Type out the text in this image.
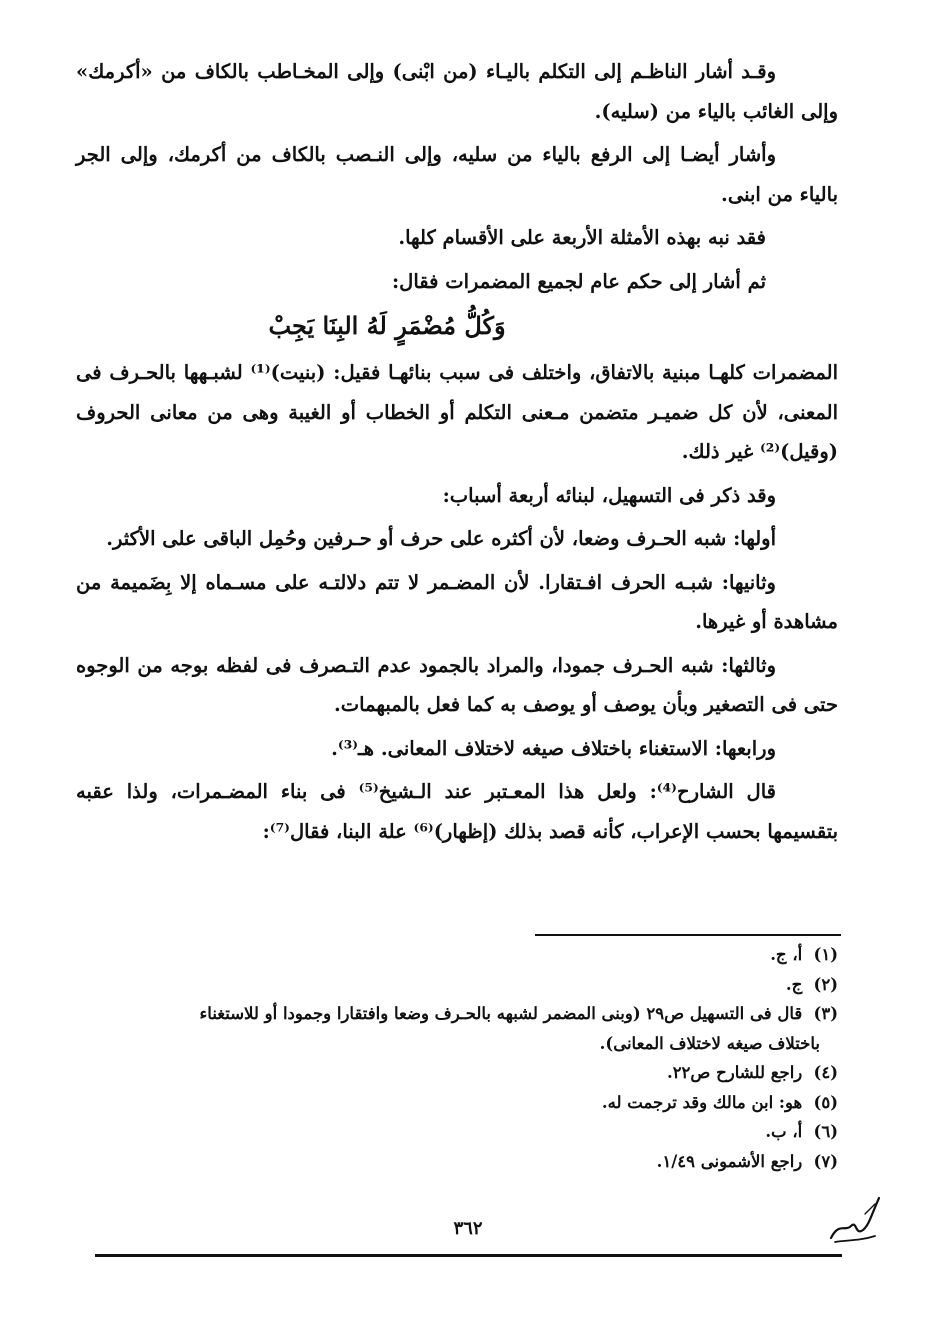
وقـد أشار الناظـم إلى التكلم باليـاء (من ابْنى) وإلى المخـاطب بالكاف من «أكرمك» وإلى الغائب بالياء من (سليه).

وأشار أيضـا إلى الرفع بالياء من سليه، وإلى النـصب بالكاف من أكرمك، وإلى الجر بالياء من ابنى.

فقد نبه بهذه الأمثلة الأربعة على الأقسام كلها.

ثم أشار إلى حكم عام لجميع المضمرات فقال:

وَكُلُّ مُضْمَرٍ لَهُ البِنَا يَجِبْ

المضمرات كلهـا مبنية بالاتفاق، واختلف فى سبب بنائهـا فقيل: (بنيت)⁽¹⁾ لشبـهها بالحـرف فى المعنى، لأن كل ضميـر متضمن مـعنى التكلم أو الخطاب أو الغيبة وهى من معانى الحروف (وقيل)⁽²⁾ غير ذلك.

وقد ذكر فى التسهيل، لبنائه أربعة أسباب:

أولها: شبه الحـرف وضعا، لأن أكثره على حرف أو حـرفين وحُمِل الباقى على الأكثر.

وثانيها: شبـه الحرف افـتقارا. لأن المضـمر لا تتم دلالتـه على مسـماه إلا بِضَميمة من مشاهدة أو غيرها.

وثالثها: شبه الحـرف جمودا، والمراد بالجمود عدم التـصرف فى لفظه بوجه من الوجوه حتى فى التصغير وبأن يوصف أو يوصف به كما فعل بالمبهمات.

ورابعها: الاستغناء باختلاف صيغه لاختلاف المعانى. هـ⁽³⁾.

قال الشارح⁽⁴⁾: ولعل هذا المعـتبر عند الـشيخ⁽⁵⁾ فى بناء المضـمرات، ولذا عقبه بتقسيمها بحسب الإعراب، كأنه قصد بذلك (إظهار)⁽⁶⁾ علة البنا، فقال⁽⁷⁾:

(١) أ، ج.

(٢) ج.

(٣) قال فى التسهيل ص٢٩ (وبنى المضمر لشبهه بالحـرف وضعا وافتقارا وجمودا أو للاستغناء

باختلاف صيغه لاختلاف المعانى).

(٤) راجع للشارح ص٢٢.

(٥) هو: ابن مالك وقد ترجمت له.

(٦) أ، ب.

(٧) راجع الأشمونى ١/٤٩.

٣٦٢
